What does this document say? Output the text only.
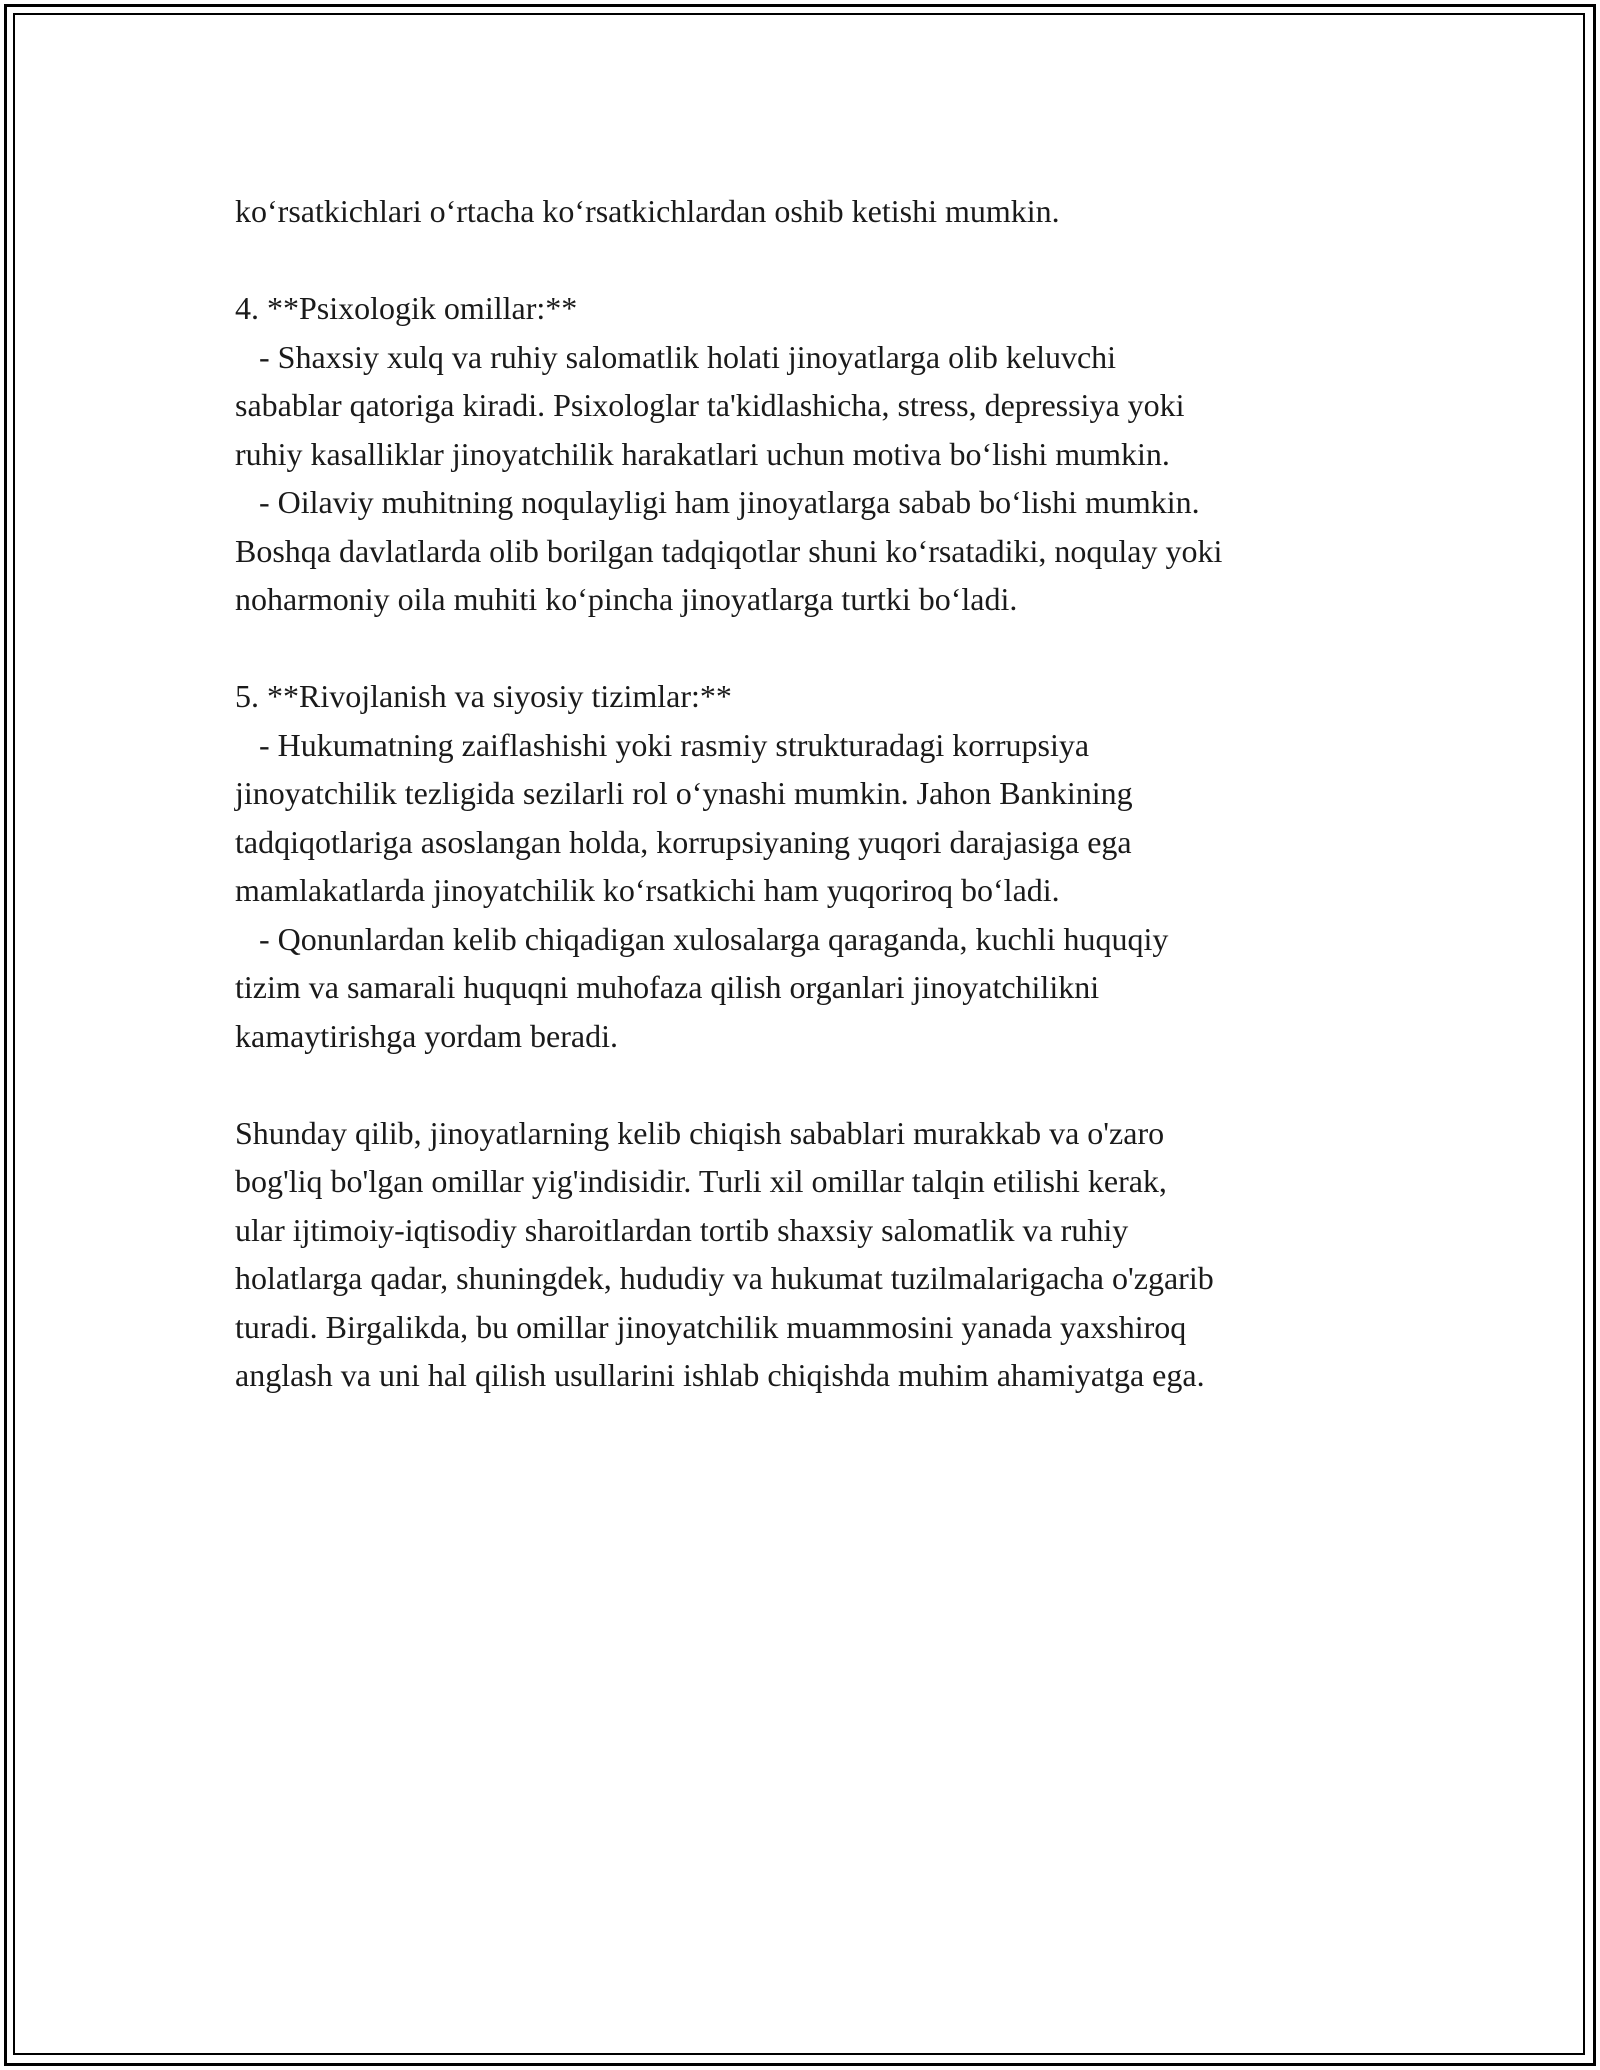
ko‘rsatkichlari o‘rtacha ko‘rsatkichlardan oshib ketishi mumkin.
4. **Psixologik omillar:**
- Shaxsiy xulq va ruhiy salomatlik holati jinoyatlarga olib keluvchi
sabablar qatoriga kiradi. Psixologlar ta'kidlashicha, stress, depressiya yoki
ruhiy kasalliklar jinoyatchilik harakatlari uchun motiva bo‘lishi mumkin.
- Oilaviy muhitning noqulayligi ham jinoyatlarga sabab bo‘lishi mumkin.
Boshqa davlatlarda olib borilgan tadqiqotlar shuni ko‘rsatadiki, noqulay yoki
noharmoniy oila muhiti ko‘pincha jinoyatlarga turtki bo‘ladi.
5. **Rivojlanish va siyosiy tizimlar:**
- Hukumatning zaiflashishi yoki rasmiy strukturadagi korrupsiya
jinoyatchilik tezligida sezilarli rol o‘ynashi mumkin. Jahon Bankining
tadqiqotlariga asoslangan holda, korrupsiyaning yuqori darajasiga ega
mamlakatlarda jinoyatchilik ko‘rsatkichi ham yuqoriroq bo‘ladi.
- Qonunlardan kelib chiqadigan xulosalarga qaraganda, kuchli huquqiy
tizim va samarali huquqni muhofaza qilish organlari jinoyatchilikni
kamaytirishga yordam beradi.
Shunday qilib, jinoyatlarning kelib chiqish sabablari murakkab va o'zaro
bog'liq bo'lgan omillar yig'indisidir. Turli xil omillar talqin etilishi kerak,
ular ijtimoiy-iqtisodiy sharoitlardan tortib shaxsiy salomatlik va ruhiy
holatlarga qadar, shuningdek, hududiy va hukumat tuzilmalarigacha o'zgarib
turadi. Birgalikda, bu omillar jinoyatchilik muammosini yanada yaxshiroq
anglash va uni hal qilish usullarini ishlab chiqishda muhim ahamiyatga ega.
